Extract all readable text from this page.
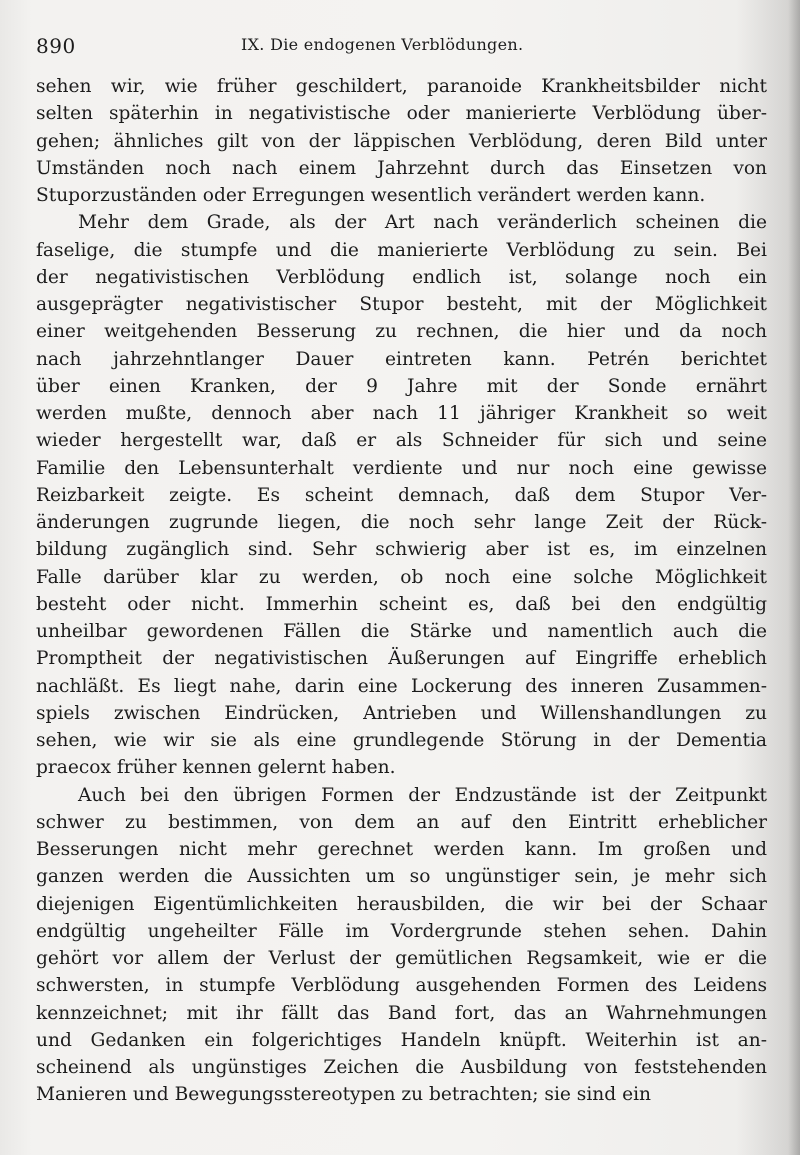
890	IX. Die endogenen Verblödungen.
sehen wir, wie früher geschildert, paranoide Krankheitsbilder nicht
selten späterhin in negativistische oder manierierte Verblödung über-
gehen; ähnliches gilt von der läppischen Verblödung, deren Bild unter
Umständen noch nach einem Jahrzehnt durch das Einsetzen von
Stuporzuständen oder Erregungen wesentlich verändert werden kann.
Mehr dem Grade, als der Art nach veränderlich scheinen die
faselige, die stumpfe und die manierierte Verblödung zu sein. Bei
der negativistischen Verblödung endlich ist, solange noch ein
ausgeprägter negativistischer Stupor besteht, mit der Möglichkeit
einer weitgehenden Besserung zu rechnen, die hier und da noch
nach jahrzehntlanger Dauer eintreten kann. Petrén berichtet
über einen Kranken, der 9 Jahre mit der Sonde ernährt
werden mußte, dennoch aber nach 11 jähriger Krankheit so weit
wieder hergestellt war, daß er als Schneider für sich und seine
Familie den Lebensunterhalt verdiente und nur noch eine gewisse
Reizbarkeit zeigte. Es scheint demnach, daß dem Stupor Ver-
änderungen zugrunde liegen, die noch sehr lange Zeit der Rück-
bildung zugänglich sind. Sehr schwierig aber ist es, im einzelnen
Falle darüber klar zu werden, ob noch eine solche Möglichkeit
besteht oder nicht. Immerhin scheint es, daß bei den endgültig
unheilbar gewordenen Fällen die Stärke und namentlich auch die
Promptheit der negativistischen Äußerungen auf Eingriffe erheblich
nachläßt. Es liegt nahe, darin eine Lockerung des inneren Zusammen-
spiels zwischen Eindrücken, Antrieben und Willenshandlungen zu
sehen, wie wir sie als eine grundlegende Störung in der Dementia
praecox früher kennen gelernt haben.
Auch bei den übrigen Formen der Endzustände ist der Zeitpunkt
schwer zu bestimmen, von dem an auf den Eintritt erheblicher
Besserungen nicht mehr gerechnet werden kann. Im großen und
ganzen werden die Aussichten um so ungünstiger sein, je mehr sich
diejenigen Eigentümlichkeiten herausbilden, die wir bei der Schaar
endgültig ungeheilter Fälle im Vordergrunde stehen sehen. Dahin
gehört vor allem der Verlust der gemütlichen Regsamkeit, wie er die
schwersten, in stumpfe Verblödung ausgehenden Formen des Leidens
kennzeichnet; mit ihr fällt das Band fort, das an Wahrnehmungen
und Gedanken ein folgerichtiges Handeln knüpft. Weiterhin ist an-
scheinend als ungünstiges Zeichen die Ausbildung von feststehenden
Manieren und Bewegungsstereotypen zu betrachten; sie sind ein
